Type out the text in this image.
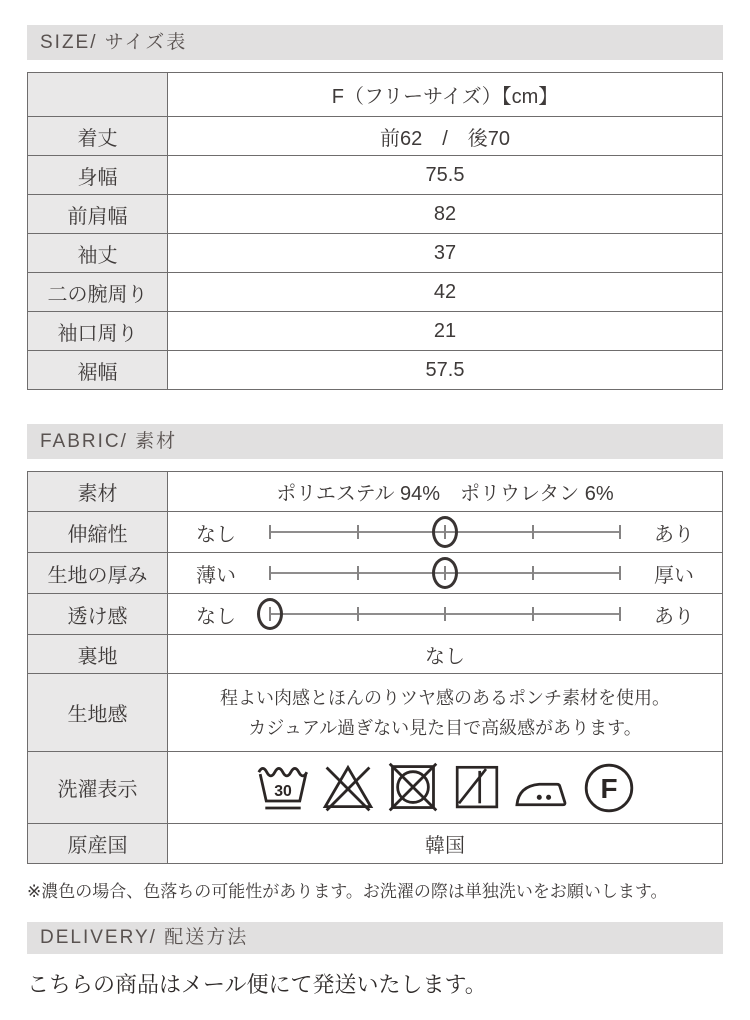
SIZE/ サイズ表
	F（フリーサイズ）【cm】
着丈	前62　/　後70
身幅	75.5
前肩幅	82
袖丈	37
二の腕周り	42
袖口周り	21
裾幅	57.5
FABRIC/ 素材
素材	ポリエステル 94%　ポリウレタン 6%
伸縮性	なし あり

生地の厚み	薄い 厚い

透け感	なし あり

裏地	なし
生地感	程よい肉感とほんのりツヤ感のあるポンチ素材を使用。
カジュアル過ぎない見た目で高級感があります。

洗濯表示	30 F

原産国	韓国
※濃色の場合、色落ちの可能性があります。お洗濯の際は単独洗いをお願いします。
DELIVERY/ 配送方法
こちらの商品はメール便にて発送いたします。
